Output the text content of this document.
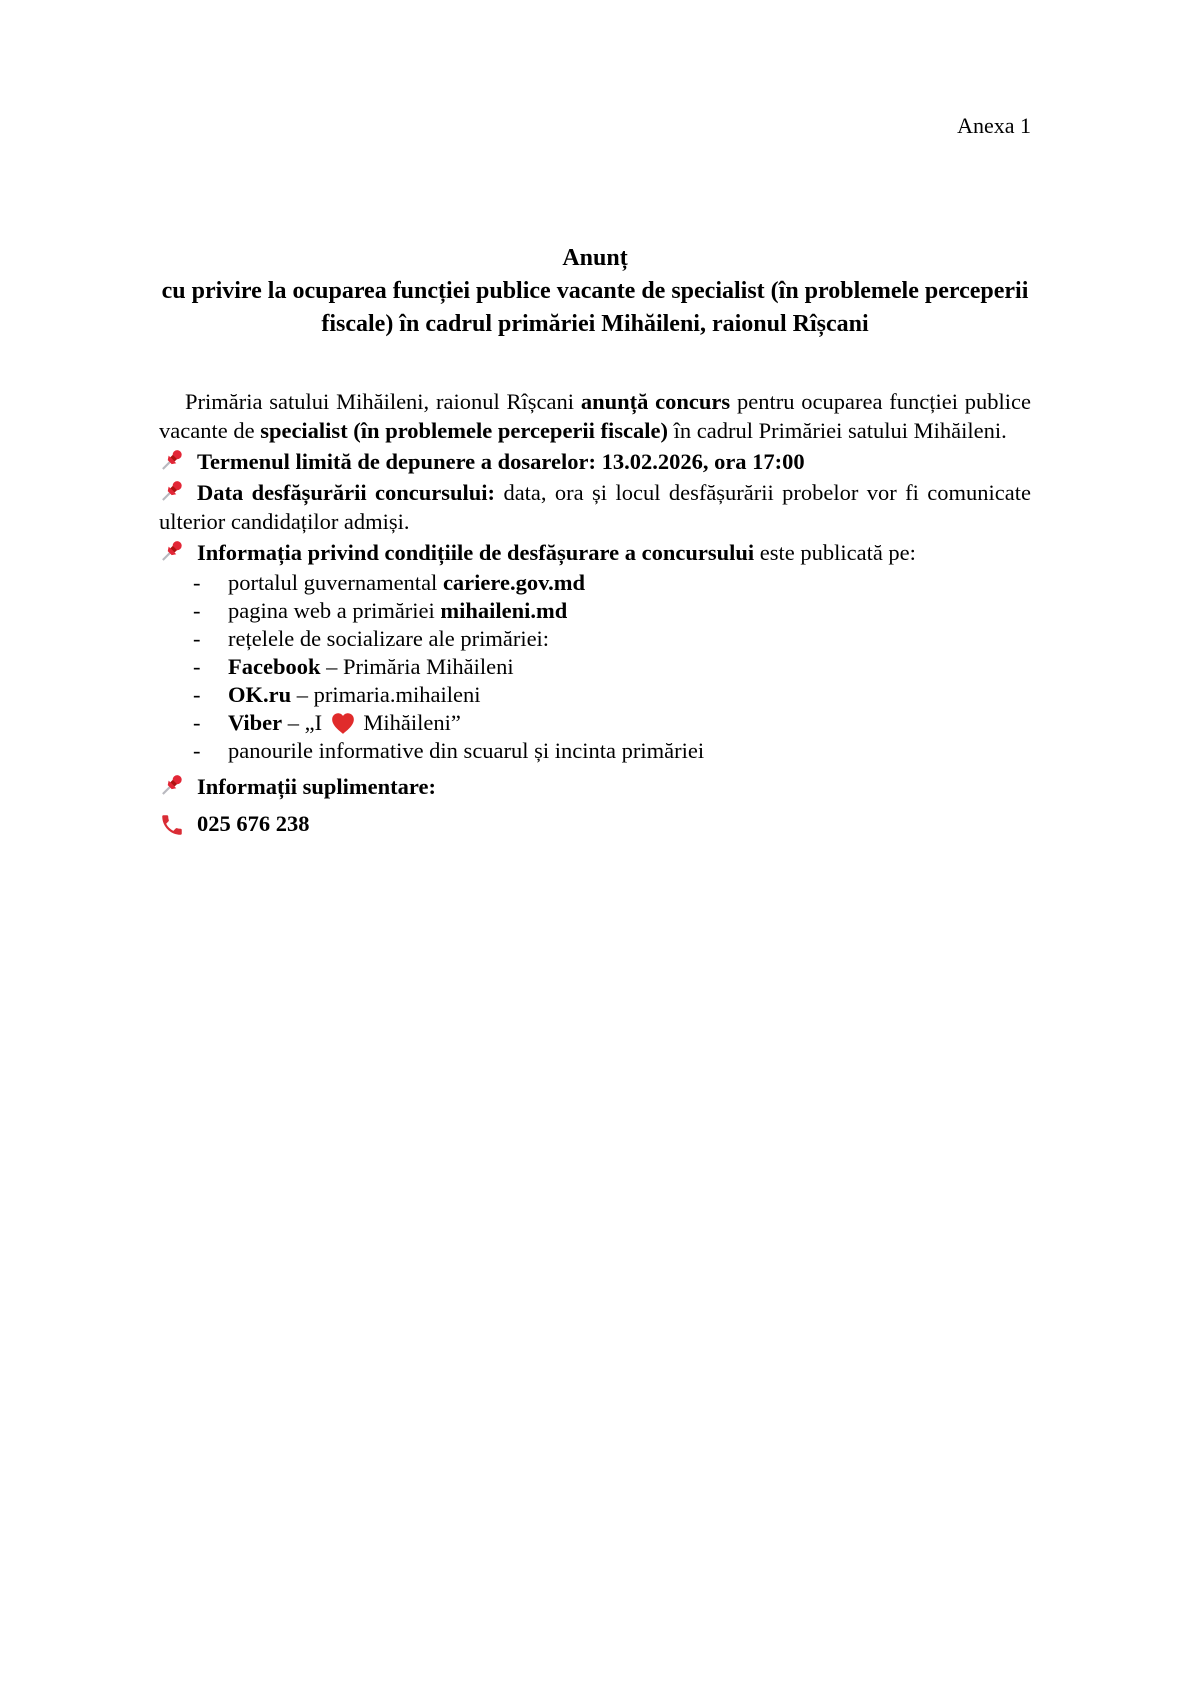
Anexa 1
Anunț
cu privire la ocuparea funcției publice vacante de specialist (în problemele perceperii fiscale) în cadrul primăriei Mihăileni, raionul Rîșcani

Primăria satului Mihăileni, raionul Rîșcani anunță concurs pentru ocuparea funcției publice vacante de specialist (în problemele perceperii fiscale) în cadrul Primăriei satului Mihăileni.

Termenul limită de depunere a dosarelor: 13.02.2026, ora 17:00

Data desfășurării concursului: data, ora și locul desfășurării probelor vor fi comunicate ulterior candidaților admiși.

Informația privind condițiile de desfășurare a concursului este publicată pe:

- portalul guvernamental cariere.gov.md
- pagina web a primăriei mihaileni.md
- rețelele de socializare ale primăriei:
- Facebook – Primăria Mihăileni
- OK.ru – primaria.mihaileni
- Viber – „I  Mihăileni”
- panourile informative din scuarul și incinta primăriei
Informații suplimentare:
025 676 238
